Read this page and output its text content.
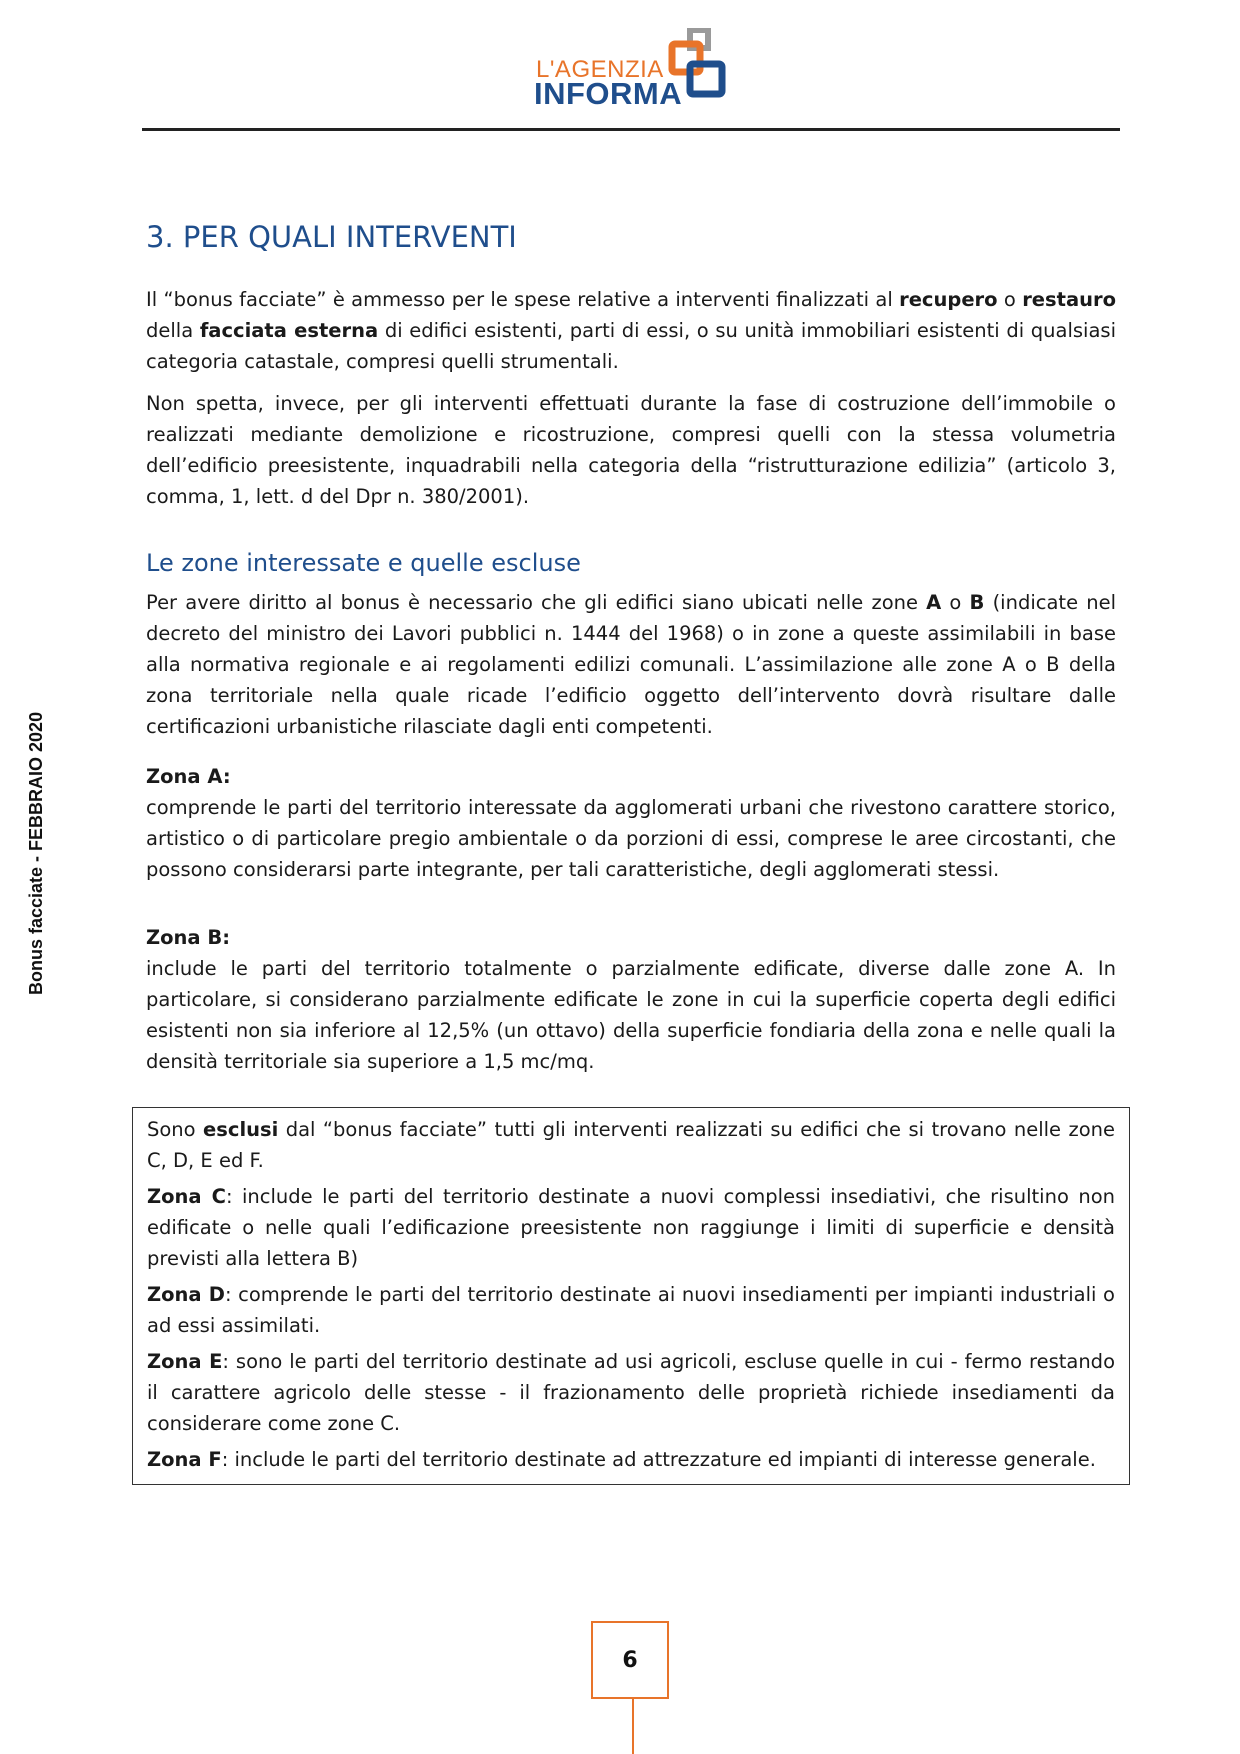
L'AGENZIA
INFORMA
Bonus facciate - FEBBRAIO 2020
3. PER QUALI INTERVENTI

Il “bonus facciate” è ammesso per le spese relative a interventi finalizzati al recupero o restauro della facciata esterna di edifici esistenti, parti di essi, o su unità immobiliari esistenti di qualsiasi categoria catastale, compresi quelli strumentali.

Non spetta, invece, per gli interventi effettuati durante la fase di costruzione dell’immobile o realizzati mediante demolizione e ricostruzione, compresi quelli con la stessa volumetria dell’edificio preesistente, inquadrabili nella categoria della “ristrutturazione edilizia” (articolo 3, comma, 1, lett. d del Dpr n. 380/2001).

Le zone interessate e quelle escluse

Per avere diritto al bonus è necessario che gli edifici siano ubicati nelle zone A o B (indicate nel decreto del ministro dei Lavori pubblici n. 1444 del 1968) o in zone a queste assimilabili in base alla normativa regionale e ai regolamenti edilizi comunali. L’assimilazione alle zone A o B della zona territoriale nella quale ricade l’edificio oggetto dell’intervento dovrà risultare dalle certificazioni urbanistiche rilasciate dagli enti competenti.

Zona A:

comprende le parti del territorio interessate da agglomerati urbani che rivestono carattere storico, artistico o di particolare pregio ambientale o da porzioni di essi, comprese le aree circostanti, che possono considerarsi parte integrante, per tali caratteristiche, degli agglomerati stessi.

Zona B:

include le parti del territorio totalmente o parzialmente edificate, diverse dalle zone A. In particolare, si considerano parzialmente edificate le zone in cui la superficie coperta degli edifici esistenti non sia inferiore al 12,5% (un ottavo) della superficie fondiaria della zona e nelle quali la densità territoriale sia superiore a 1,5 mc/mq.

Sono esclusi dal “bonus facciate” tutti gli interventi realizzati su edifici che si trovano nelle zone C, D, E ed F.

Zona C: include le parti del territorio destinate a nuovi complessi insediativi, che risultino non edificate o nelle quali l’edificazione preesistente non raggiunge i limiti di superficie e densità previsti alla lettera B)

Zona D: comprende le parti del territorio destinate ai nuovi insediamenti per impianti industriali o ad essi assimilati.

Zona E: sono le parti del territorio destinate ad usi agricoli, escluse quelle in cui - fermo restando il carattere agricolo delle stesse - il frazionamento delle proprietà richiede insediamenti da considerare come zone C.

Zona F: include le parti del territorio destinate ad attrezzature ed impianti di interesse generale.

6
